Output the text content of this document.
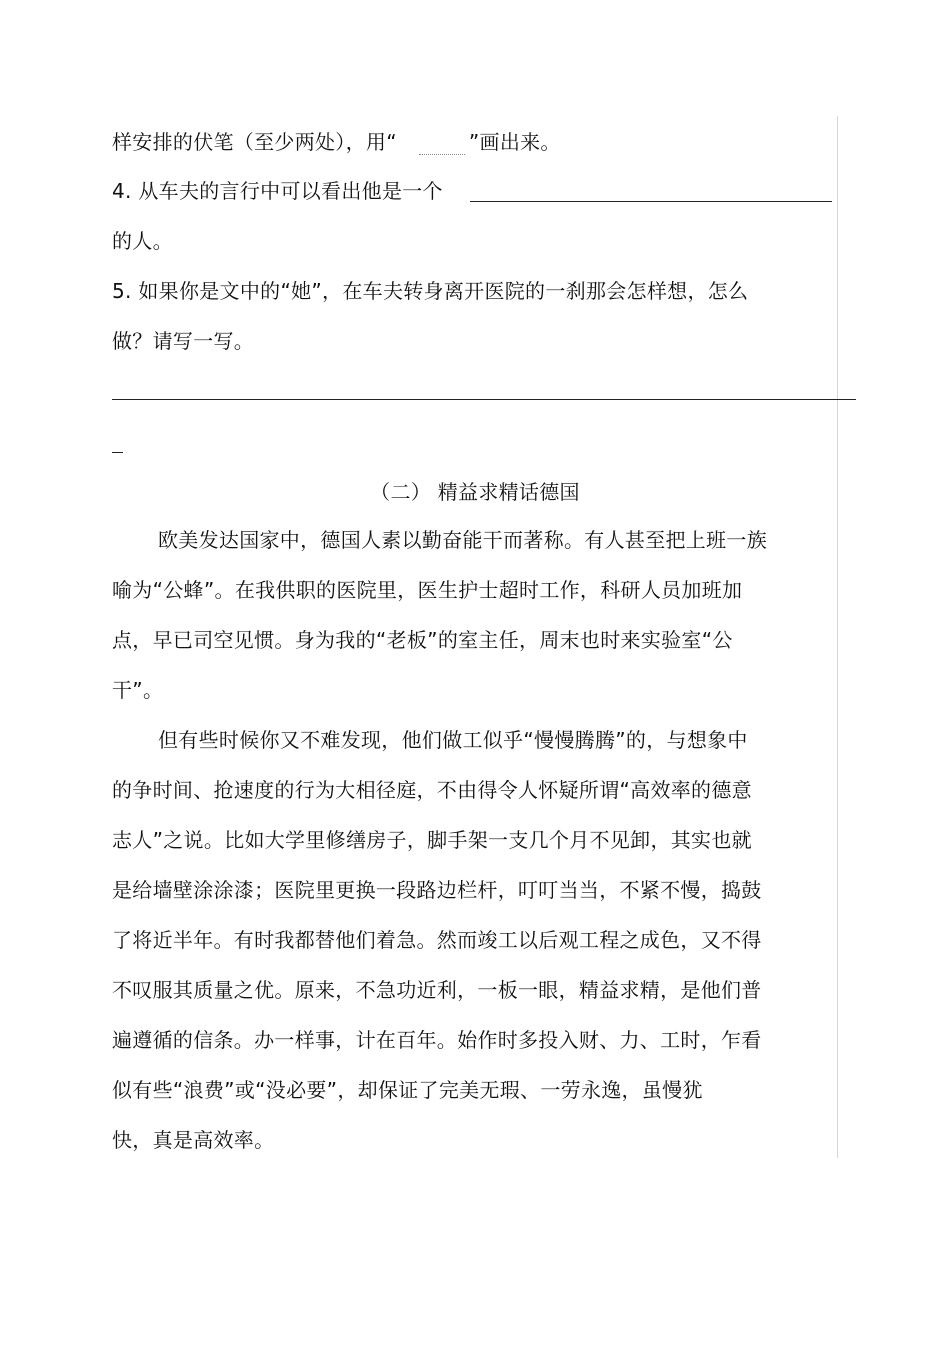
样安排的伏笔（至少两处），用“	”画出来。
4. 从车夫的言行中可以看出他是一个
的人。
5. 如果你是文中的“她”，在车夫转身离开医院的一刹那会怎样想，怎么
做？请写一写。
（二） 精益求精话德国
欧美发达国家中，德国人素以勤奋能干而著称。有人甚至把上班一族
喻为“公蜂”。在我供职的医院里，医生护士超时工作，科研人员加班加
点，早已司空见惯。身为我的“老板”的室主任，周末也时来实验室“公
干”。
但有些时候你又不难发现，他们做工似乎“慢慢腾腾”的，与想象中
的争时间、抢速度的行为大相径庭，不由得令人怀疑所谓“高效率的德意
志人”之说。比如大学里修缮房子，脚手架一支几个月不见卸，其实也就
是给墙壁涂涂漆；医院里更换一段路边栏杆，叮叮当当，不紧不慢，捣鼓
了将近半年。有时我都替他们着急。然而竣工以后观工程之成色，又不得
不叹服其质量之优。原来，不急功近利，一板一眼，精益求精，是他们普
遍遵循的信条。办一样事，计在百年。始作时多投入财、力、工时，乍看
似有些“浪费”或“没必要”，却保证了完美无瑕、一劳永逸，虽慢犹
快，真是高效率。
